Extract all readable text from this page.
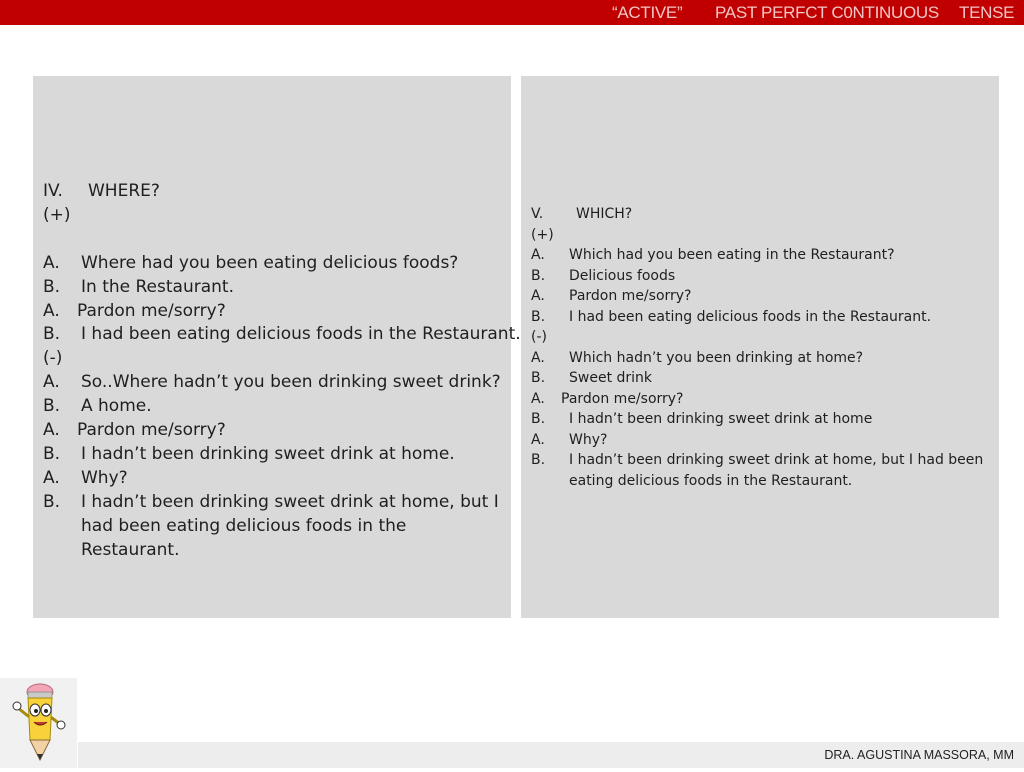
“ACTIVE” PAST PERFCT C0NTINUOUS TENSE
IV. WHERE?
(+)
A. Where had you been eating delicious foods?
B. In the Restaurant.
A. Pardon me/sorry?
B. I had been eating delicious foods in the Restaurant.
(-)
A. So..Where hadn’t you been drinking sweet drink?
B. A home.
A. Pardon me/sorry?
B. I hadn’t been drinking sweet drink at home.
A. Why?
B. I hadn’t been drinking sweet drink at home, but I had been eating delicious foods in the Restaurant.
V. WHICH?
(+)
A. Which had you been eating in the Restaurant?
B. Delicious foods
A. Pardon me/sorry?
B. I had been eating delicious foods in the Restaurant.
(-)
A. Which hadn’t you been drinking at home?
B. Sweet drink
A. Pardon me/sorry?
B. I hadn’t been drinking sweet drink at home
A. Why?
B. I hadn’t been drinking sweet drink at home, but I had been eating delicious foods in the Restaurant.
DRA. AGUSTINA MASSORA, MM
